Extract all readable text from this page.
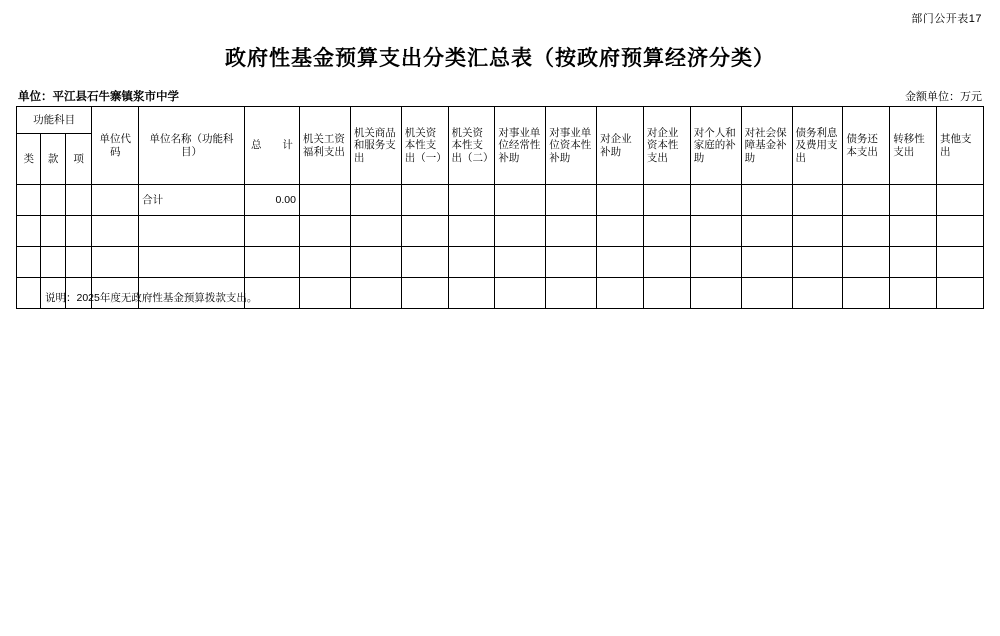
部门公开表17
政府性基金预算支出分类汇总表（按政府预算经济分类）
单位：平江县石牛寨镇浆市中学	金额单位：万元
功能科目			单位代码	单位名称（功能科目）	总　　计	机关工资福利支出	机关商品和服务支出	机关资本性支出（一）	机关资本性支出（二）	对事业单位经常性补助	对事业单位资本性补助	对企业补助	对企业资本性支出	对个人和家庭的补助	对社会保障基金补助	债务利息及费用支出	债务还本支出	转移性支出	其他支出
类	款	项																	
				合计	0.00														

说明：2025年度无政府性基金预算拨款支出。
